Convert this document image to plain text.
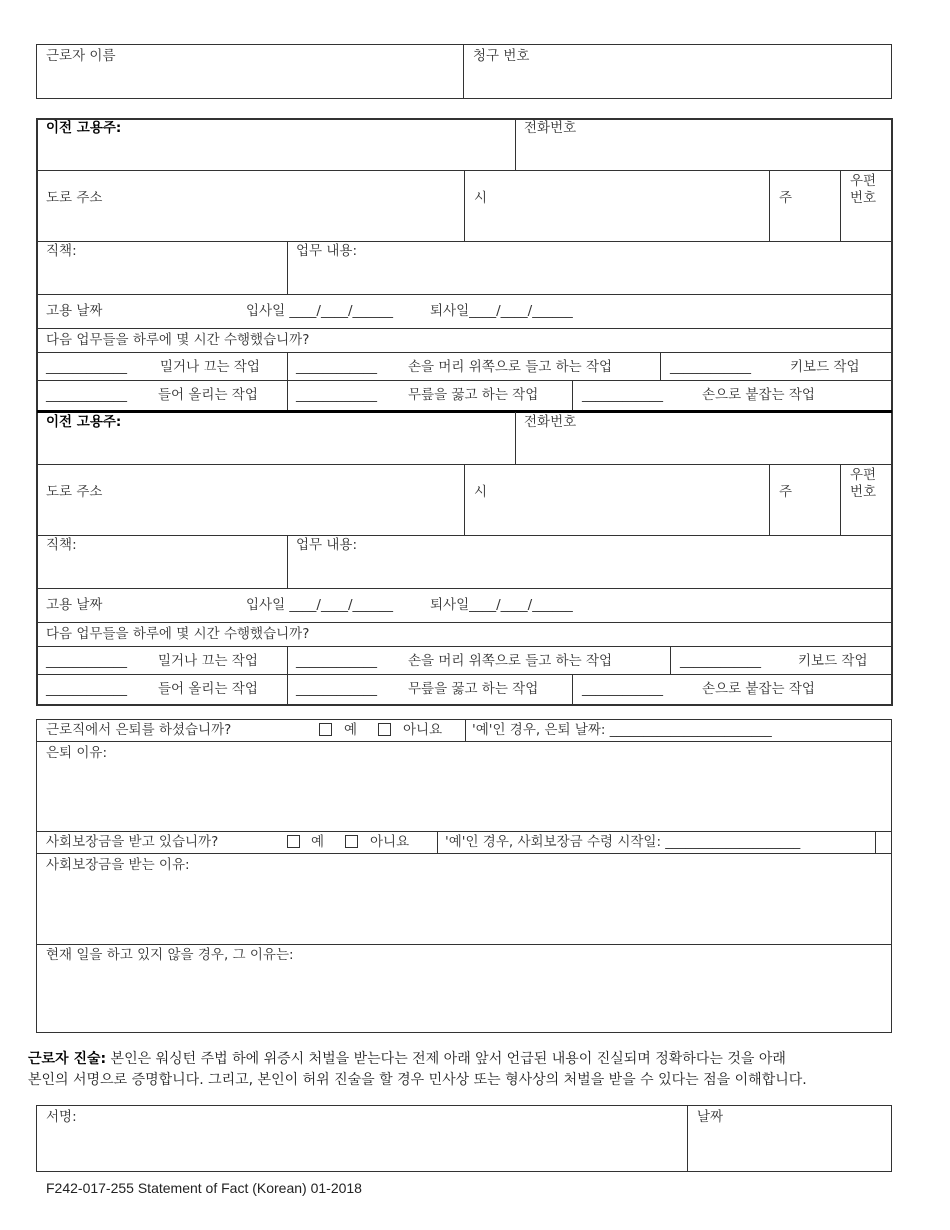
근로자 이름	청구 번호
이전 고용주:	전화번호
도로 주소	시	주
우편
번호
직책:	업무 내용:
고용 날짜	입사일 ____/____/______	퇴사일____/____/______
다음 업무들을 하루에 몇 시간 수행했습니까?
____________ 밀거나 끄는 작업	____________ 손을 머리 위쪽으로 들고 하는 작업	____________	키보드 작업
____________ 들어 올리는 작업	____________ 무릎을 꿇고 하는 작업	____________	손으로 붙잡는 작업
이전 고용주:	전화번호
도로 주소	시	주
우편
번호
직책:	업무 내용:
고용 날짜	입사일 ____/____/______	퇴사일____/____/______
다음 업무들을 하루에 몇 시간 수행했습니까?
____________ 밀거나 끄는 작업	____________ 손을 머리 위쪽으로 들고 하는 작업	____________	키보드 작업
____________ 들어 올리는 작업	____________ 무릎을 꿇고 하는 작업	____________	손으로 붙잡는 작업
근로직에서 은퇴를 하셨습니까?	예	아니요 '예'인 경우, 은퇴 날짜: ________________________
은퇴 이유:
사회보장금을 받고 있습니까?	예	아니요	'예'인 경우, 사회보장금 수령 시작일: ____________________
사회보장금을 받는 이유:
현재 일을 하고 있지 않을 경우, 그 이유는:
근로자 진술: 본인은 워싱턴 주법 하에 위증시 처벌을 받는다는 전제 아래 앞서 언급된 내용이 진실되며 정확하다는 것을 아래
본인의 서명으로 증명합니다. 그리고, 본인이 허위 진술을 할 경우 민사상 또는 형사상의 처벌을 받을 수 있다는 점을 이해합니다.
서명:	날짜
F242-017-255 Statement of Fact (Korean) 01-2018
